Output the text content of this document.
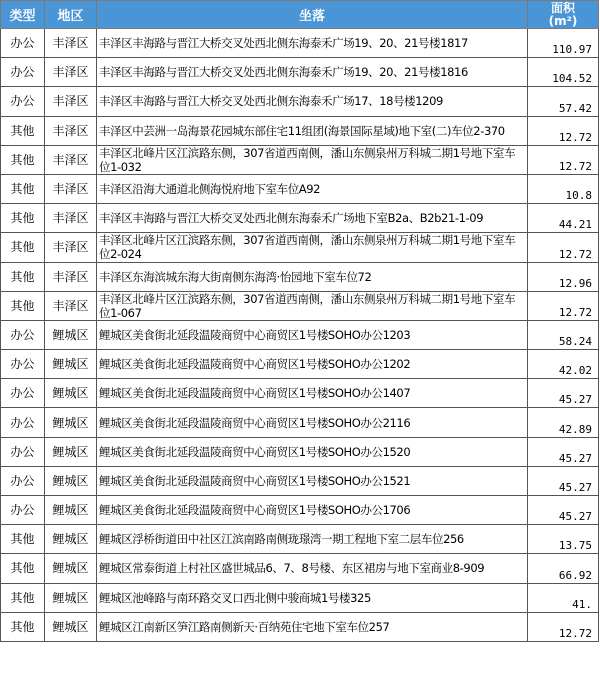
类型	地区	坐落	面积
(m²)
办公	丰泽区	丰泽区丰海路与晋江大桥交叉处西北侧东海泰禾广场19、20、21号楼1817	110.97
办公	丰泽区	丰泽区丰海路与晋江大桥交叉处西北侧东海泰禾广场19、20、21号楼1816	104.52
办公	丰泽区	丰泽区丰海路与晋江大桥交叉处西北侧东海泰禾广场17、18号楼1209	57.42
其他	丰泽区	丰泽区中芸洲一岛海景花园城东部住宅11组团(海景国际星域)地下室(二)车位2-370	12.72
其他	丰泽区	丰泽区北峰片区江滨路东侧，307省道西南侧，潘山东侧泉州万科城二期1号地下室车位1-032	12.72
其他	丰泽区	丰泽区沿海大通道北侧海悦府地下室车位A92	10.8
其他	丰泽区	丰泽区丰海路与晋江大桥交叉处西北侧东海泰禾广场地下室B2a、B2b21-1-09	44.21
其他	丰泽区	丰泽区北峰片区江滨路东侧，307省道西南侧，潘山东侧泉州万科城二期1号地下室车位2-024	12.72
其他	丰泽区	丰泽区东海滨城东海大街南侧东海湾·怡园地下室车位72	12.96
其他	丰泽区	丰泽区北峰片区江滨路东侧，307省道西南侧，潘山东侧泉州万科城二期1号地下室车位1-067	12.72
办公	鲤城区	鲤城区美食街北延段温陵商贸中心商贸区1号楼SOHO办公1203	58.24
办公	鲤城区	鲤城区美食街北延段温陵商贸中心商贸区1号楼SOHO办公1202	42.02
办公	鲤城区	鲤城区美食街北延段温陵商贸中心商贸区1号楼SOHO办公1407	45.27
办公	鲤城区	鲤城区美食街北延段温陵商贸中心商贸区1号楼SOHO办公2116	42.89
办公	鲤城区	鲤城区美食街北延段温陵商贸中心商贸区1号楼SOHO办公1520	45.27
办公	鲤城区	鲤城区美食街北延段温陵商贸中心商贸区1号楼SOHO办公1521	45.27
办公	鲤城区	鲤城区美食街北延段温陵商贸中心商贸区1号楼SOHO办公1706	45.27
其他	鲤城区	鲤城区浮桥街道田中社区江滨南路南侧珑璟湾一期工程地下室二层车位256	13.75
其他	鲤城区	鲤城区常泰街道上村社区盛世城品6、7、8号楼、东区裙房与地下室商业8-909	66.92
其他	鲤城区	鲤城区池峰路与南环路交叉口西北侧中骏商城1号楼325	41.
其他	鲤城区	鲤城区江南新区笋江路南侧新天·百纳苑住宅地下室车位257	12.72
